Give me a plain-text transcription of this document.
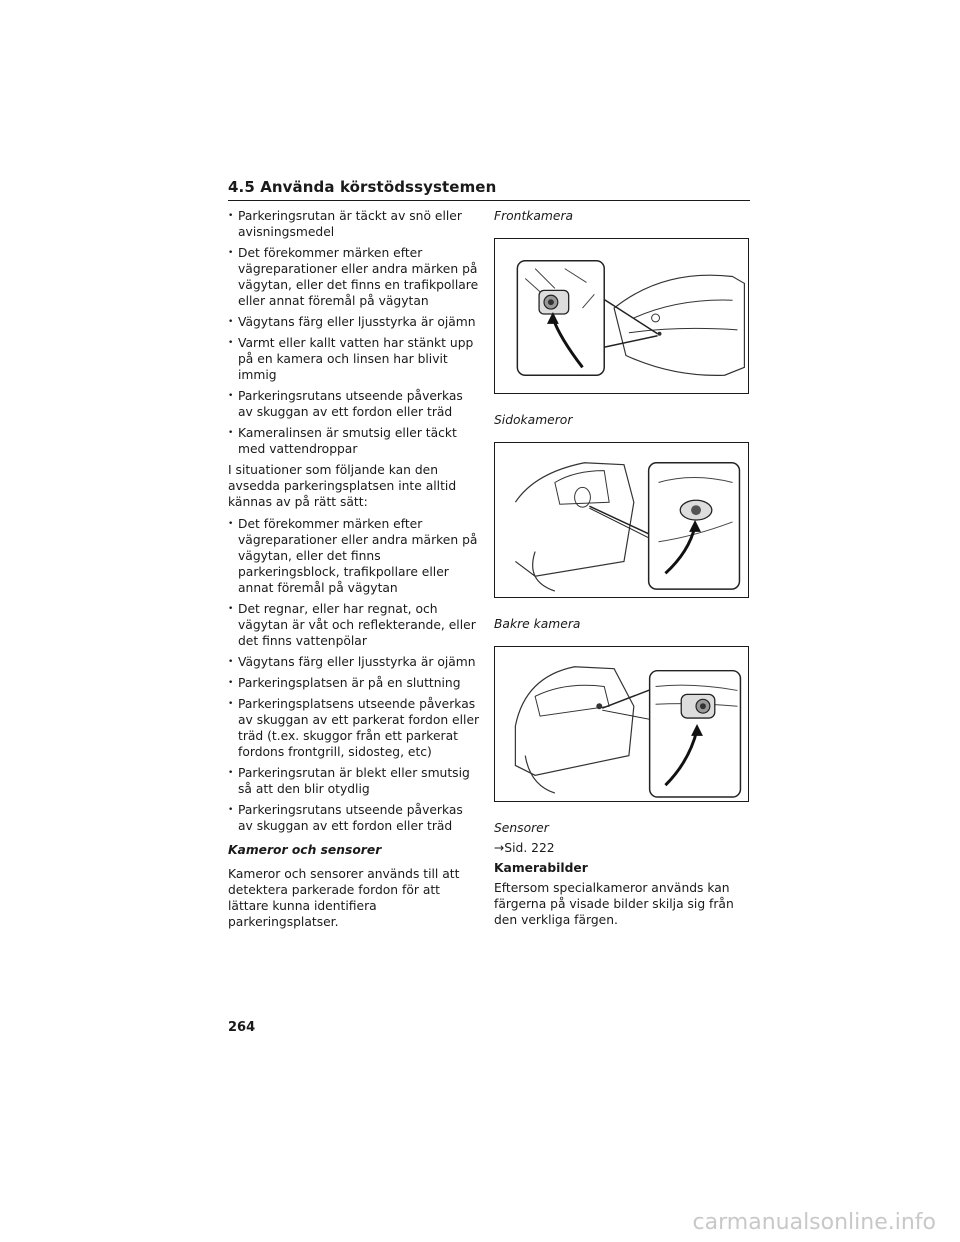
4.5 Använda körstödssystemen
• Parkeringsrutan är täckt av snö eller avisningsmedel
• Det förekommer märken efter vägreparationer eller andra märken på vägytan, eller det finns en trafikpollare eller annat föremål på vägytan
• Vägytans färg eller ljusstyrka är ojämn
• Varmt eller kallt vatten har stänkt upp på en kamera och linsen har blivit immig
• Parkeringsrutans utseende påverkas av skuggan av ett fordon eller träd
• Kameralinsen är smutsig eller täckt med vattendroppar
I situationer som följande kan den avsedda parkeringsplatsen inte alltid kännas av på rätt sätt:
• Det förekommer märken efter vägreparationer eller andra märken på vägytan, eller det finns parkeringsblock, trafikpollare eller annat föremål på vägytan
• Det regnar, eller har regnat, och vägytan är våt och reflekterande, eller det finns vattenpölar
• Vägytans färg eller ljusstyrka är ojämn
• Parkeringsplatsen är på en sluttning
• Parkeringsplatsens utseende påverkas av skuggan av ett parkerat fordon eller träd (t.ex. skuggor från ett parkerat fordons frontgrill, sidosteg, etc)
• Parkeringsrutan är blekt eller smutsig så att den blir otydlig
• Parkeringsrutans utseende påverkas av skuggan av ett fordon eller träd
Kameror och sensorer
Kameror och sensorer används till att detektera parkerade fordon för att lättare kunna identifiera parkeringsplatser.
Frontkamera
Sidokameror
Bakre kamera
Sensorer
→Sid. 222
Kamerabilder
Eftersom specialkameror används kan färgerna på visade bilder skilja sig från den verkliga färgen.
264
carmanualsonline.info
